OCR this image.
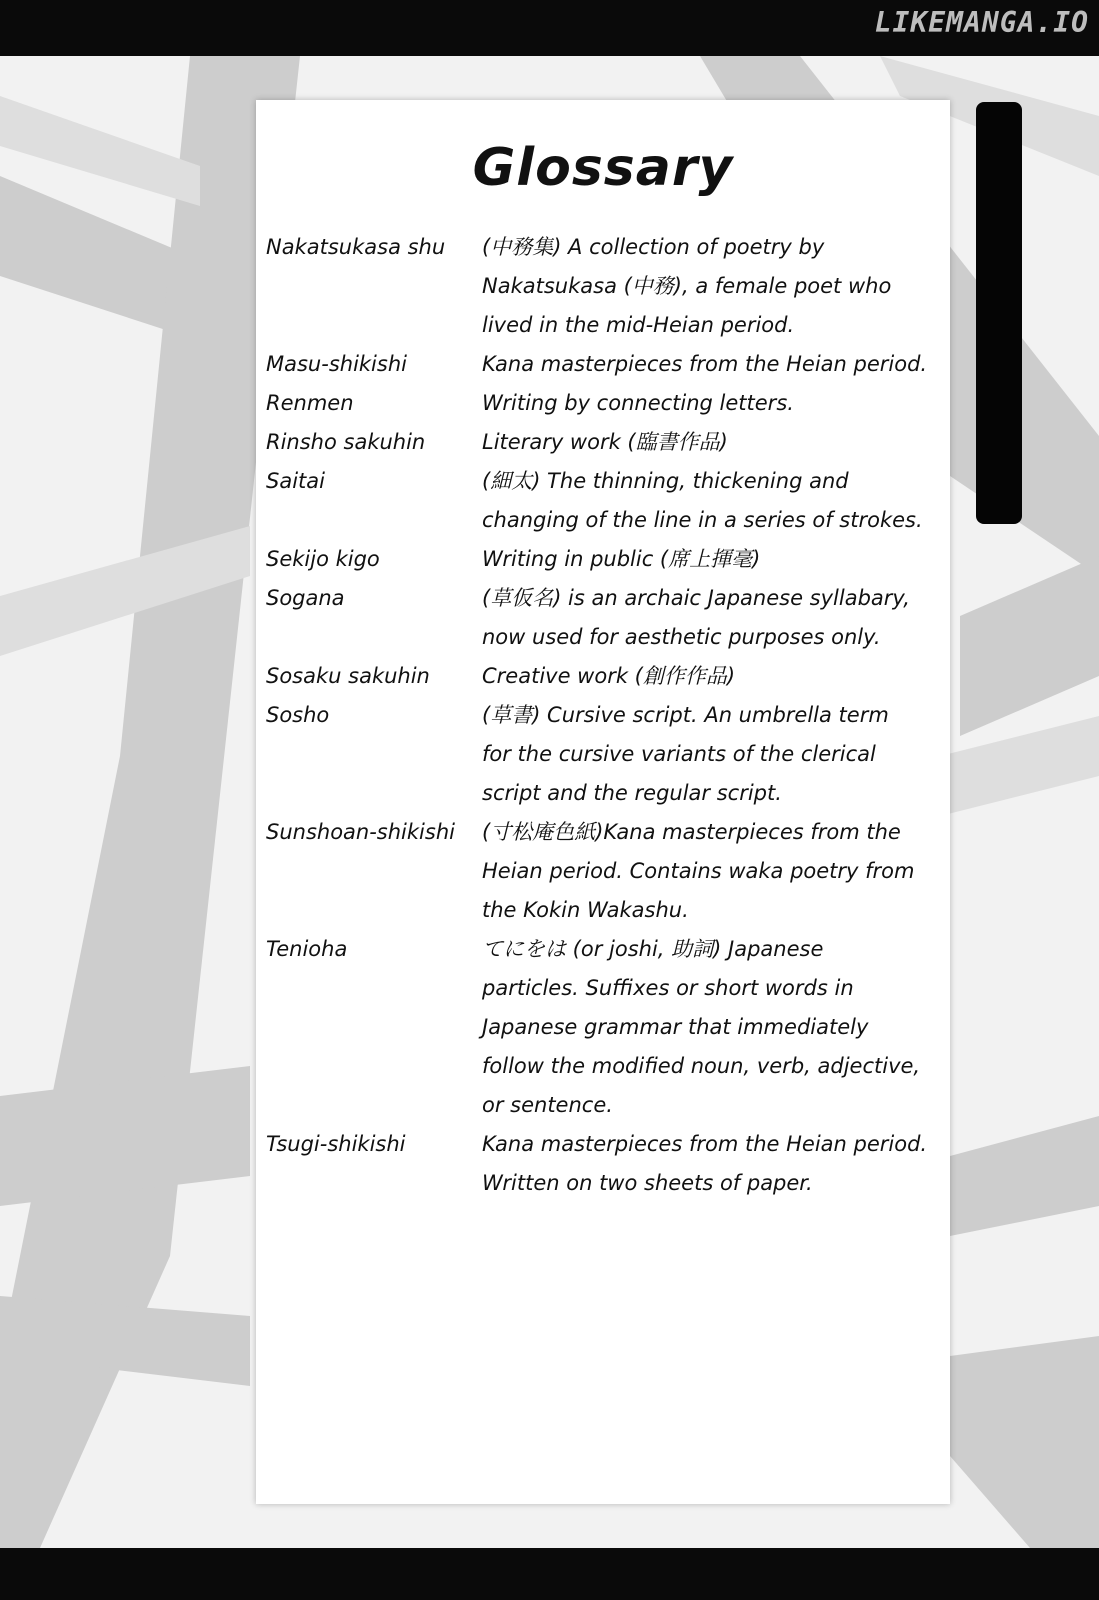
LIKEMANGA.IO
Glossary
Nakatsukasa shu	(中務集) A collection of poetry by
Nakatsukasa (中務), a female poet who
lived in the mid-Heian period.
Masu-shikishi	Kana masterpieces from the Heian period.
Renmen	Writing by connecting letters.
Rinsho sakuhin	Literary work (臨書作品)
Saitai	(細太) The thinning, thickening and
changing of the line in a series of strokes.
Sekijo kigo	Writing in public (席上揮毫)
Sogana	(草仮名) is an archaic Japanese syllabary,
now used for aesthetic purposes only.
Sosaku sakuhin	Creative work (創作作品)
Sosho	(草書) Cursive script. An umbrella term
for the cursive variants of the clerical
script and the regular script.
Sunshoan-shikishi	(寸松庵色紙)Kana masterpieces from the
Heian period. Contains waka poetry from
the Kokin Wakashu.
Tenioha	てにをは (or joshi, 助詞) Japanese
particles. Suffixes or short words in
Japanese grammar that immediately
follow the modified noun, verb, adjective,
or sentence.
Tsugi-shikishi	Kana masterpieces from the Heian period.
Written on two sheets of paper.
